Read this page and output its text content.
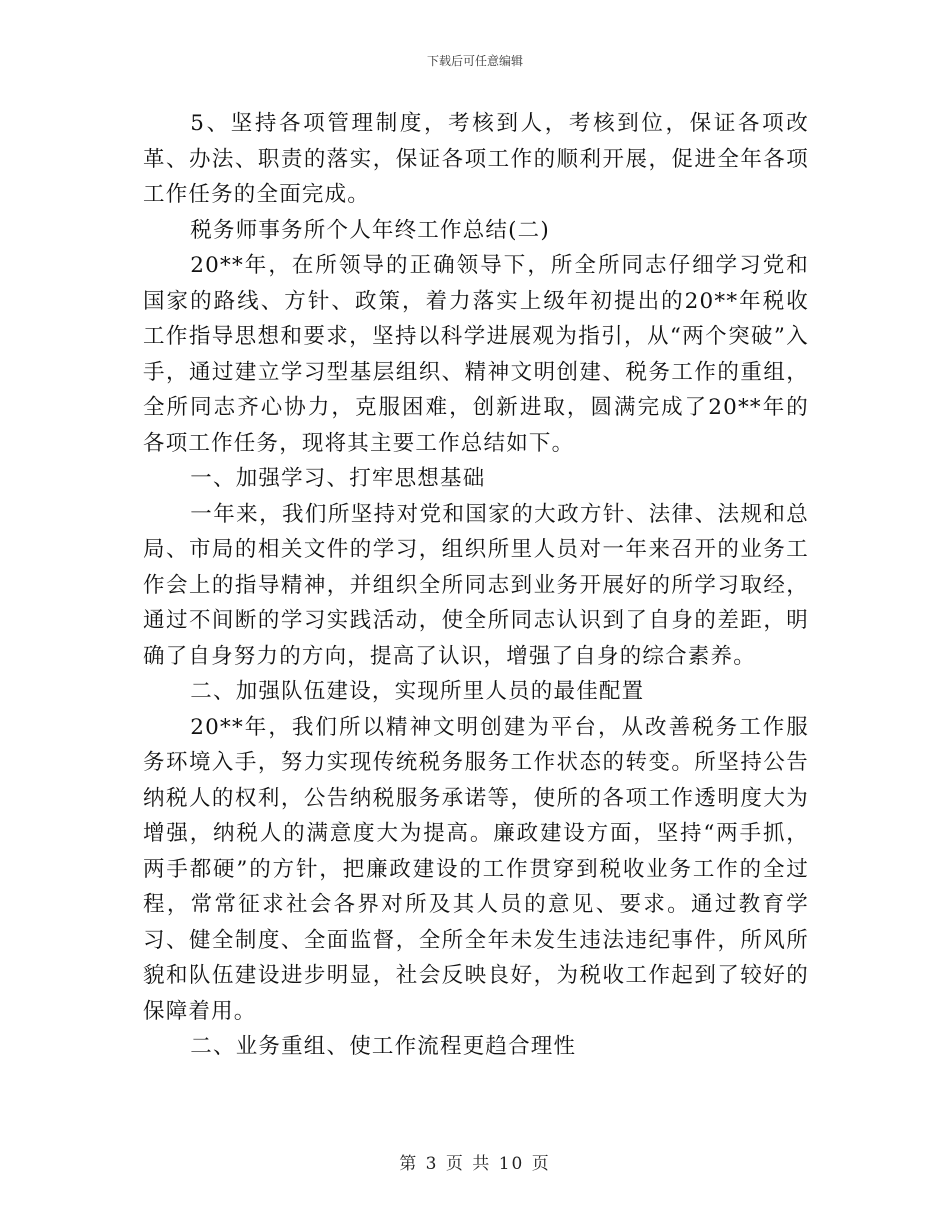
下载后可任意编辑

5、坚持各项管理制度，考核到人，考核到位，保证各项改革、办法、职责的落实，保证各项工作的顺利开展，促进全年各项工作任务的全面完成。

税务师事务所个人年终工作总结(二)

20**年，在所领导的正确领导下，所全所同志仔细学习党和国家的路线、方针、政策，着力落实上级年初提出的20**年税收工作指导思想和要求，坚持以科学进展观为指引，从“两个突破”入手，通过建立学习型基层组织、精神文明创建、税务工作的重组，全所同志齐心协力，克服困难，创新进取，圆满完成了20**年的各项工作任务，现将其主要工作总结如下。

一、加强学习、打牢思想基础

一年来，我们所坚持对党和国家的大政方针、法律、法规和总局、市局的相关文件的学习，组织所里人员对一年来召开的业务工作会上的指导精神，并组织全所同志到业务开展好的所学习取经，通过不间断的学习实践活动，使全所同志认识到了自身的差距，明确了自身努力的方向，提高了认识，增强了自身的综合素养。

二、加强队伍建设，实现所里人员的最佳配置

20**年，我们所以精神文明创建为平台，从改善税务工作服务环境入手，努力实现传统税务服务工作状态的转变。所坚持公告纳税人的权利，公告纳税服务承诺等，使所的各项工作透明度大为增强，纳税人的满意度大为提高。廉政建设方面，坚持“两手抓，两手都硬”的方针，把廉政建设的工作贯穿到税收业务工作的全过程，常常征求社会各界对所及其人员的意见、要求。通过教育学习、健全制度、全面监督，全所全年未发生违法违纪事件，所风所貌和队伍建设进步明显，社会反映良好，为税收工作起到了较好的保障着用。

二、业务重组、使工作流程更趋合理性

第 3 页 共 10 页
